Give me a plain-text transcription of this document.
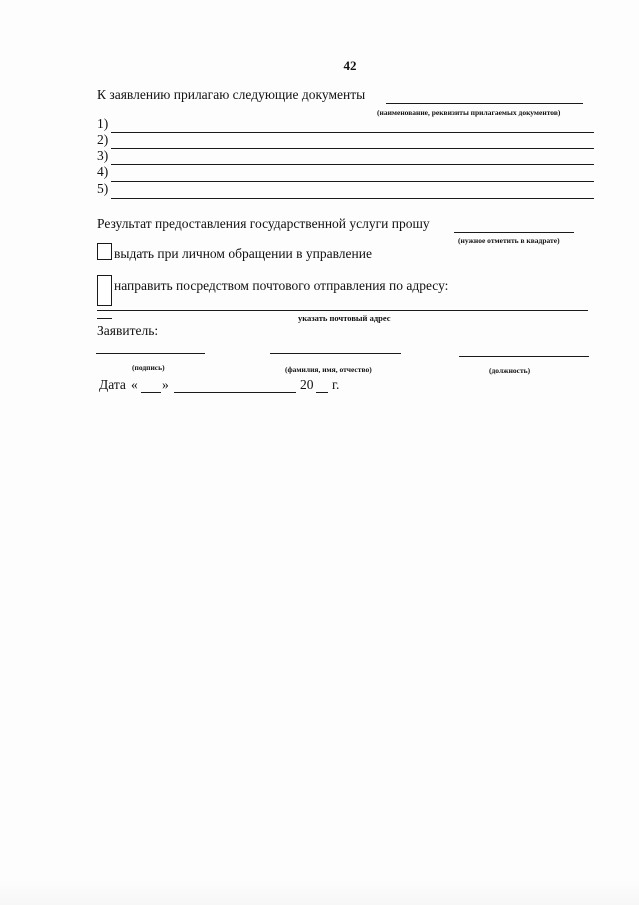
42
К заявлению прилагаю следующие документы
(наименование, реквизиты прилагаемых документов)
1)
2)
3)
4)
5)
Результат предоставления государственной услуги прошу
(нужное отметить в квадрате)
выдать при личном обращении в управление
направить посредством почтового отправления по адресу:
указать почтовый адрес
Заявитель:
(подпись)	(фамилия, имя, отчество)	(должность)
Дата « »	20 г.
